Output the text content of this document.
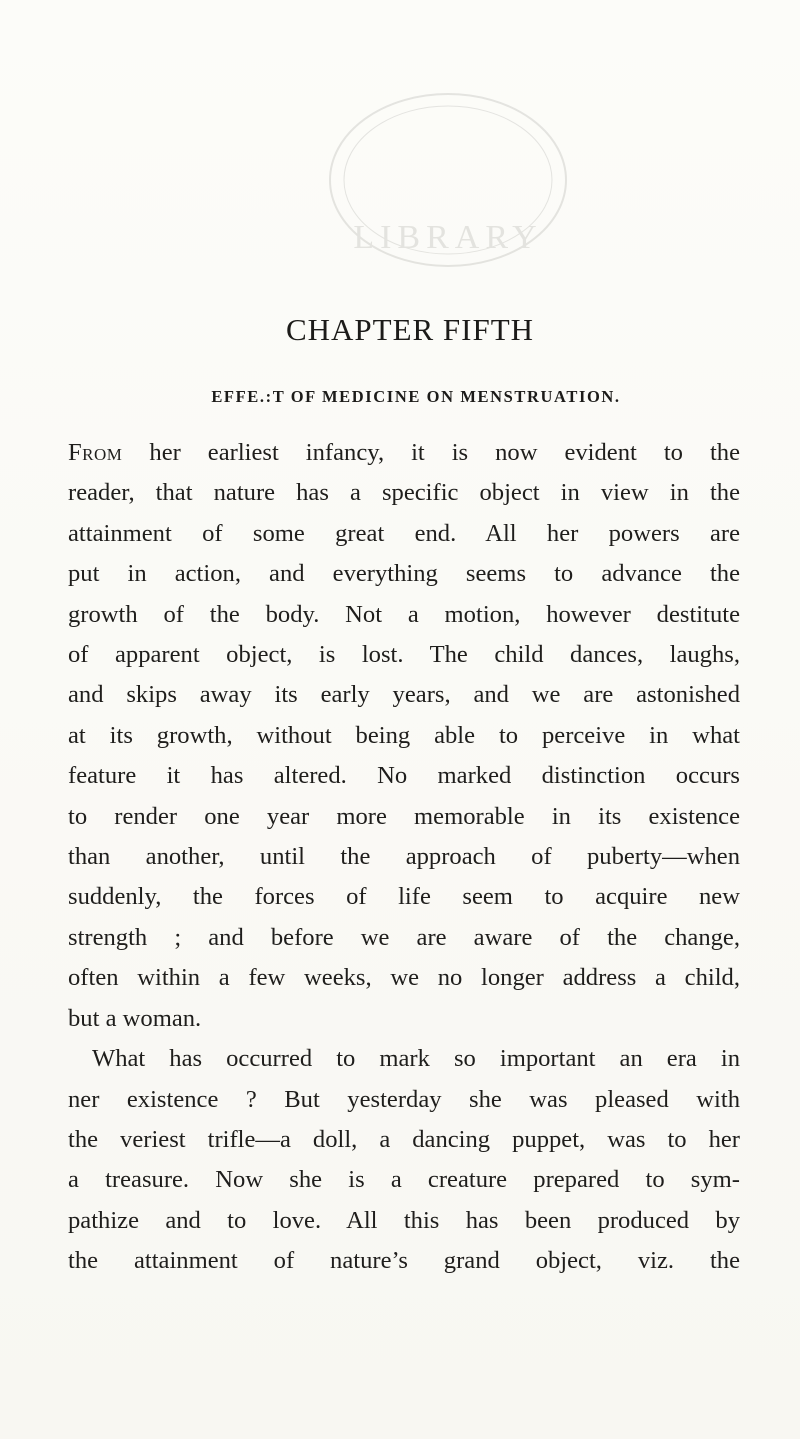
LIBRARY
CHAPTER FIFTH
EFFE.:T OF MEDICINE ON MENSTRUATION.
From her earliest infancy, it is now evident to the
reader, that nature has a specific object in view in the
attainment of some great end. All her powers are
put in action, and everything seems to advance the
growth of the body. Not a motion, however destitute
of apparent object, is lost. The child dances, laughs,
and skips away its early years, and we are astonished
at its growth, without being able to perceive in what
feature it has altered. No marked distinction occurs
to render one year more memorable in its existence
than another, until the approach of puberty—when
suddenly, the forces of life seem to acquire new
strength ; and before we are aware of the change,
often within a few weeks, we no longer address a child,
but a woman.
What has occurred to mark so important an era in
ner existence ? But yesterday she was pleased with
the veriest trifle—a doll, a dancing puppet, was to her
a treasure. Now she is a creature prepared to sym-
pathize and to love. All this has been produced by
the attainment of nature’s grand object, viz. the
